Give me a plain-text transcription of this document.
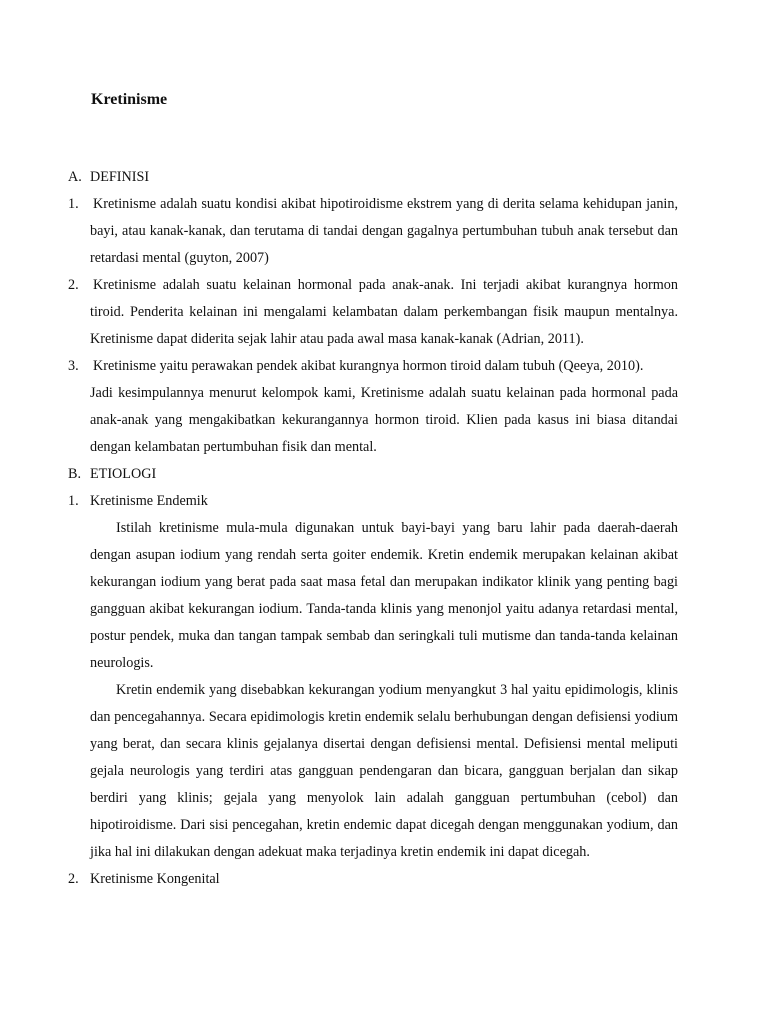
Kretinisme
A. DEFINISI
1. Kretinisme adalah suatu kondisi akibat hipotiroidisme ekstrem yang di derita selama kehidupan janin, bayi, atau kanak-kanak, dan terutama di tandai dengan gagalnya pertumbuhan tubuh anak tersebut dan retardasi mental (guyton, 2007)
2. Kretinisme adalah suatu kelainan hormonal pada anak-anak. Ini terjadi akibat kurangnya hormon tiroid. Penderita kelainan ini mengalami kelambatan dalam perkembangan fisik maupun mentalnya. Kretinisme dapat diderita sejak lahir atau pada awal masa kanak-kanak (Adrian, 2011).
3. Kretinisme yaitu perawakan pendek akibat kurangnya hormon tiroid dalam tubuh (Qeeya, 2010).
Jadi kesimpulannya menurut kelompok kami, Kretinisme adalah suatu kelainan pada hormonal pada anak-anak yang mengakibatkan kekurangannya hormon tiroid. Klien pada kasus ini biasa ditandai dengan kelambatan pertumbuhan fisik dan mental.
B. ETIOLOGI
1. Kretinisme Endemik
Istilah kretinisme mula-mula digunakan untuk bayi-bayi yang baru lahir pada daerah-daerah dengan asupan iodium yang rendah serta goiter endemik. Kretin endemik merupakan kelainan akibat kekurangan iodium yang berat pada saat masa fetal dan merupakan indikator klinik yang penting bagi gangguan akibat kekurangan iodium. Tanda-tanda klinis yang menonjol yaitu adanya retardasi mental, postur pendek, muka dan tangan tampak sembab dan seringkali tuli mutisme dan tanda-tanda kelainan neurologis.
Kretin endemik yang disebabkan kekurangan yodium menyangkut 3 hal yaitu epidimologis, klinis dan pencegahannya. Secara epidimologis kretin endemik selalu berhubungan dengan defisiensi yodium yang berat, dan secara klinis gejalanya disertai dengan defisiensi mental. Defisiensi mental meliputi gejala neurologis yang terdiri atas gangguan pendengaran dan bicara, gangguan berjalan dan sikap berdiri yang klinis; gejala yang menyolok lain adalah gangguan pertumbuhan (cebol) dan hipotiroidisme. Dari sisi pencegahan, kretin endemic dapat dicegah dengan menggunakan yodium, dan jika hal ini dilakukan dengan adekuat maka terjadinya kretin endemik ini dapat dicegah.
2. Kretinisme Kongenital
